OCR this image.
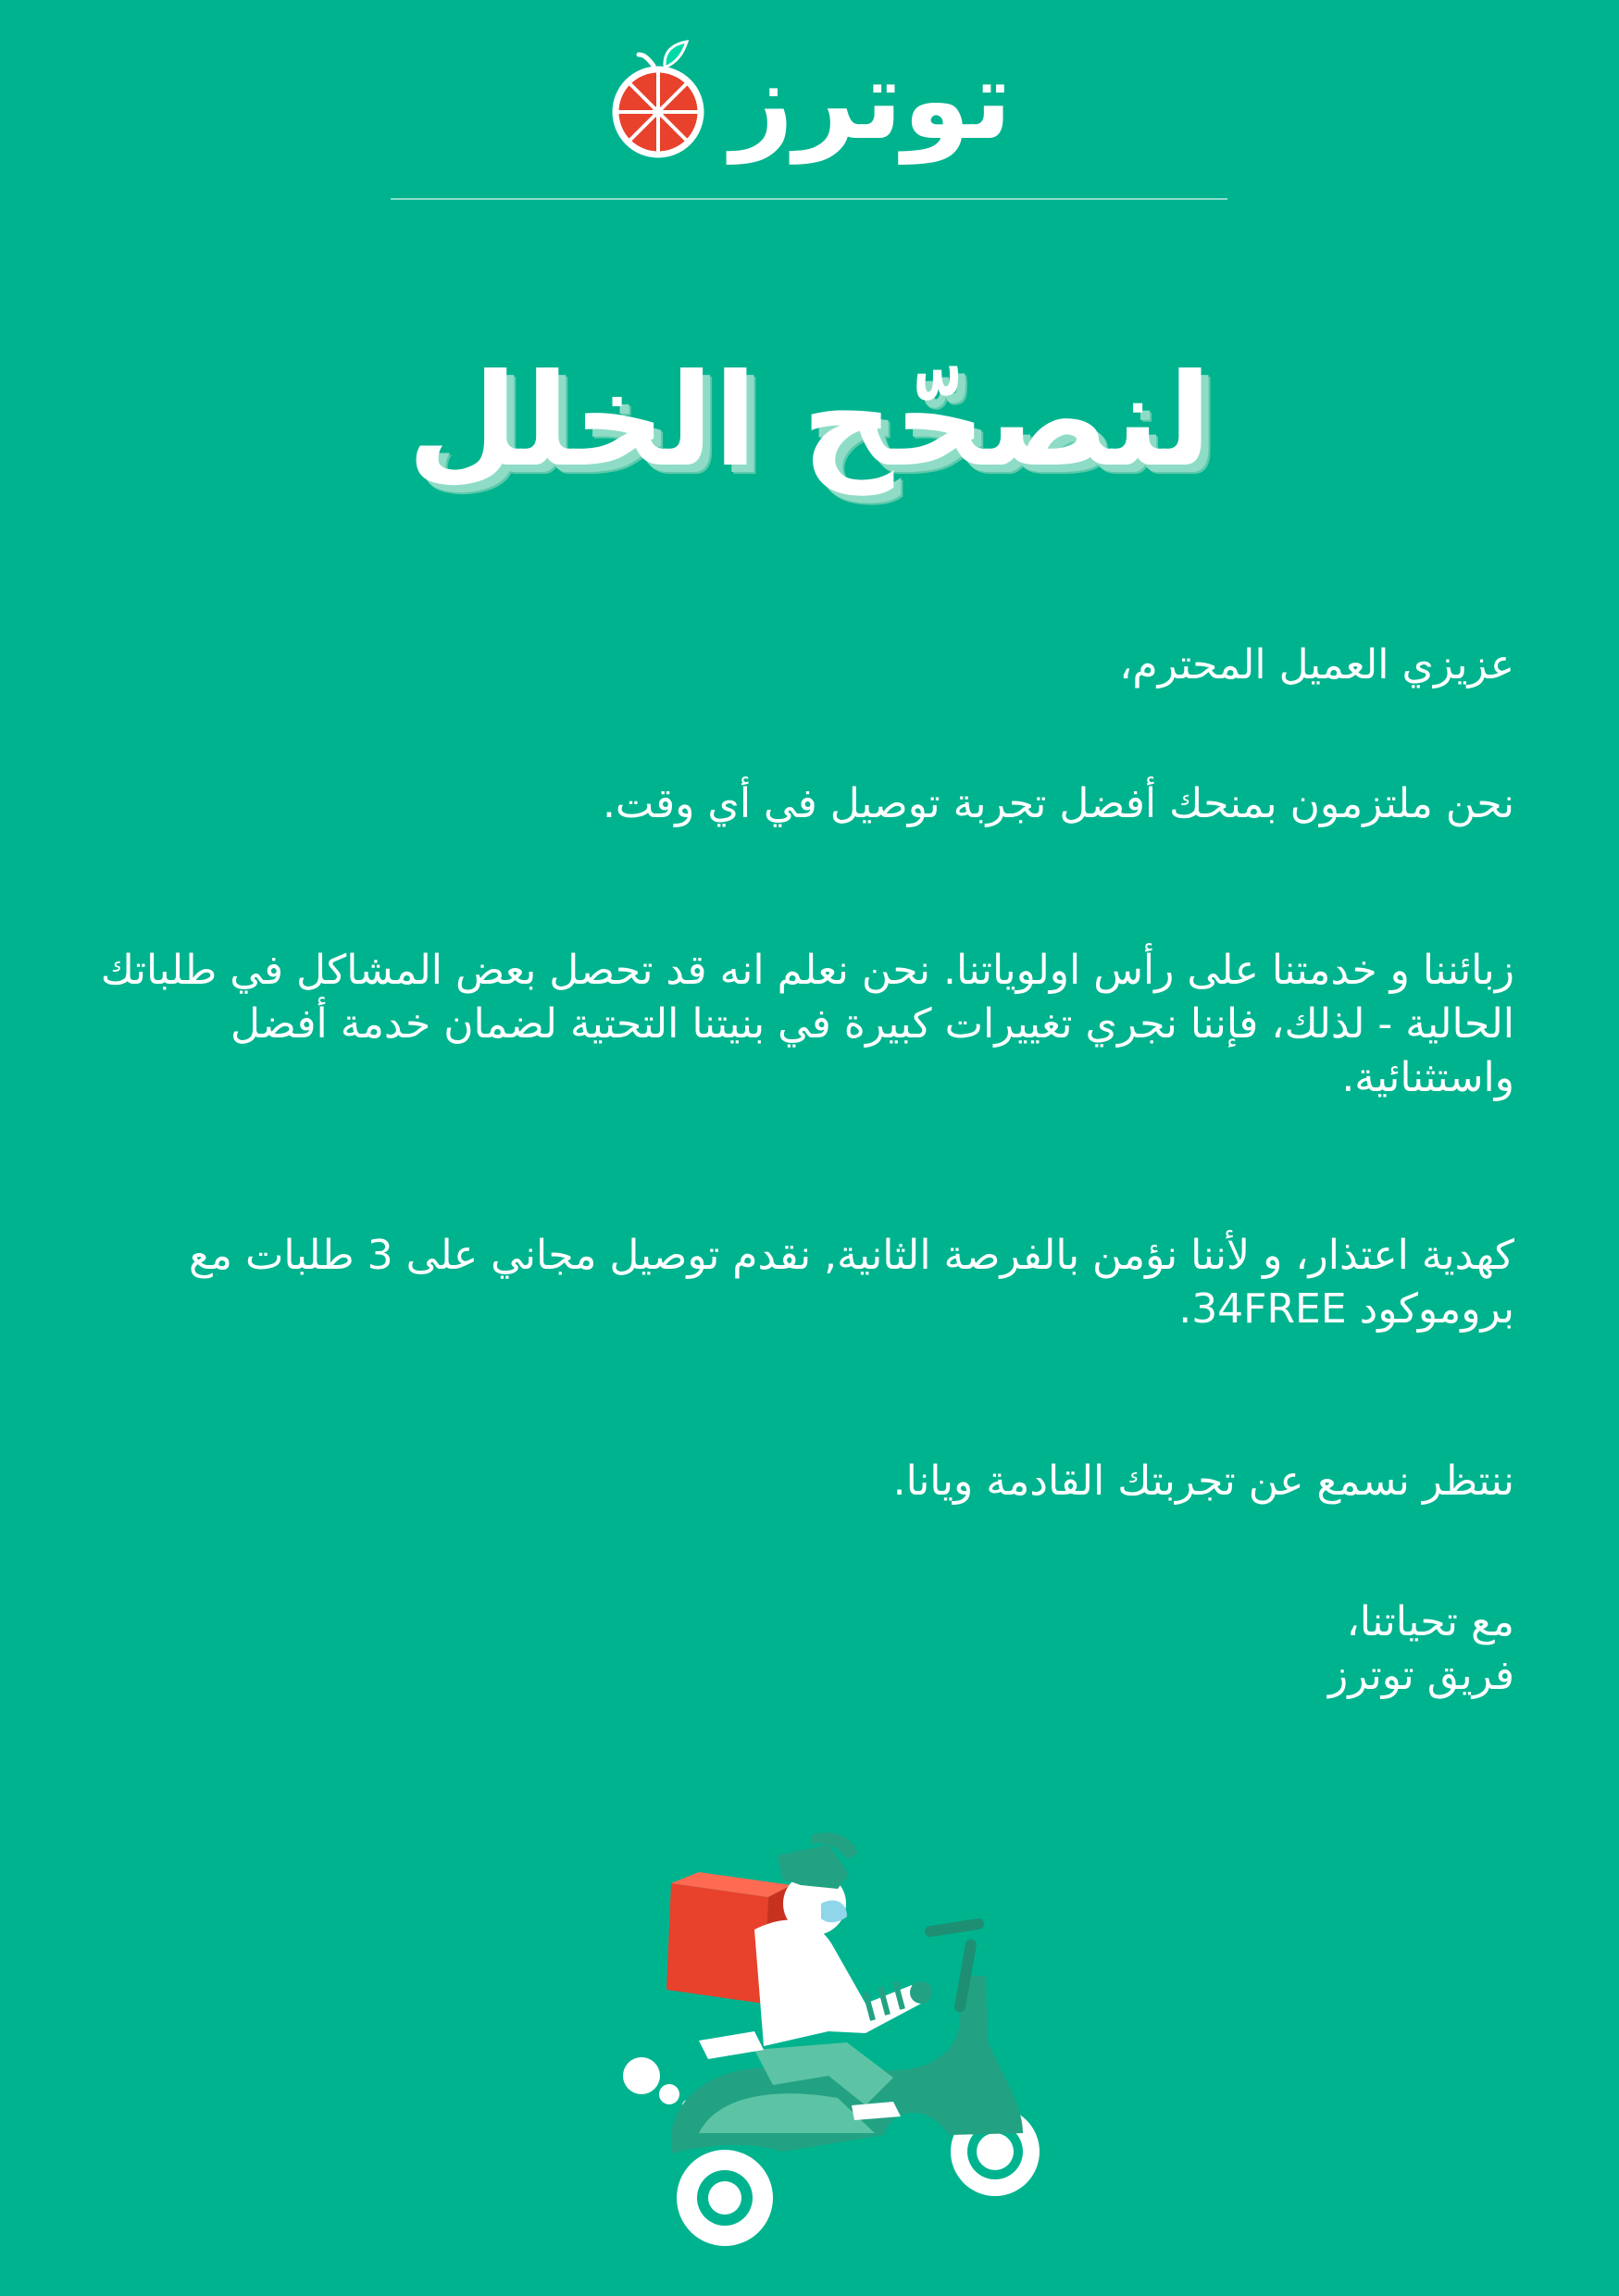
توترز
لنصحّح الخلل

عزيزي العميل المحترم،

نحن ملتزمون بمنحك أفضل تجربة توصيل في أي وقت.

زبائننا و خدمتنا على رأس اولوياتنا. نحن نعلم انه قد تحصل بعض المشاكل في طلباتك الحالية - لذلك، فإننا نجري تغييرات كبيرة في بنيتنا التحتية لضمان خدمة أفضل واستثنائية.

كهدية اعتذار، و لأننا نؤمن بالفرصة الثانية, نقدم توصيل مجاني على 3 طلبات مع بروموكود 34FREE.

ننتظر نسمع عن تجربتك القادمة ويانا.

مع تحياتنا،

فريق توترز
